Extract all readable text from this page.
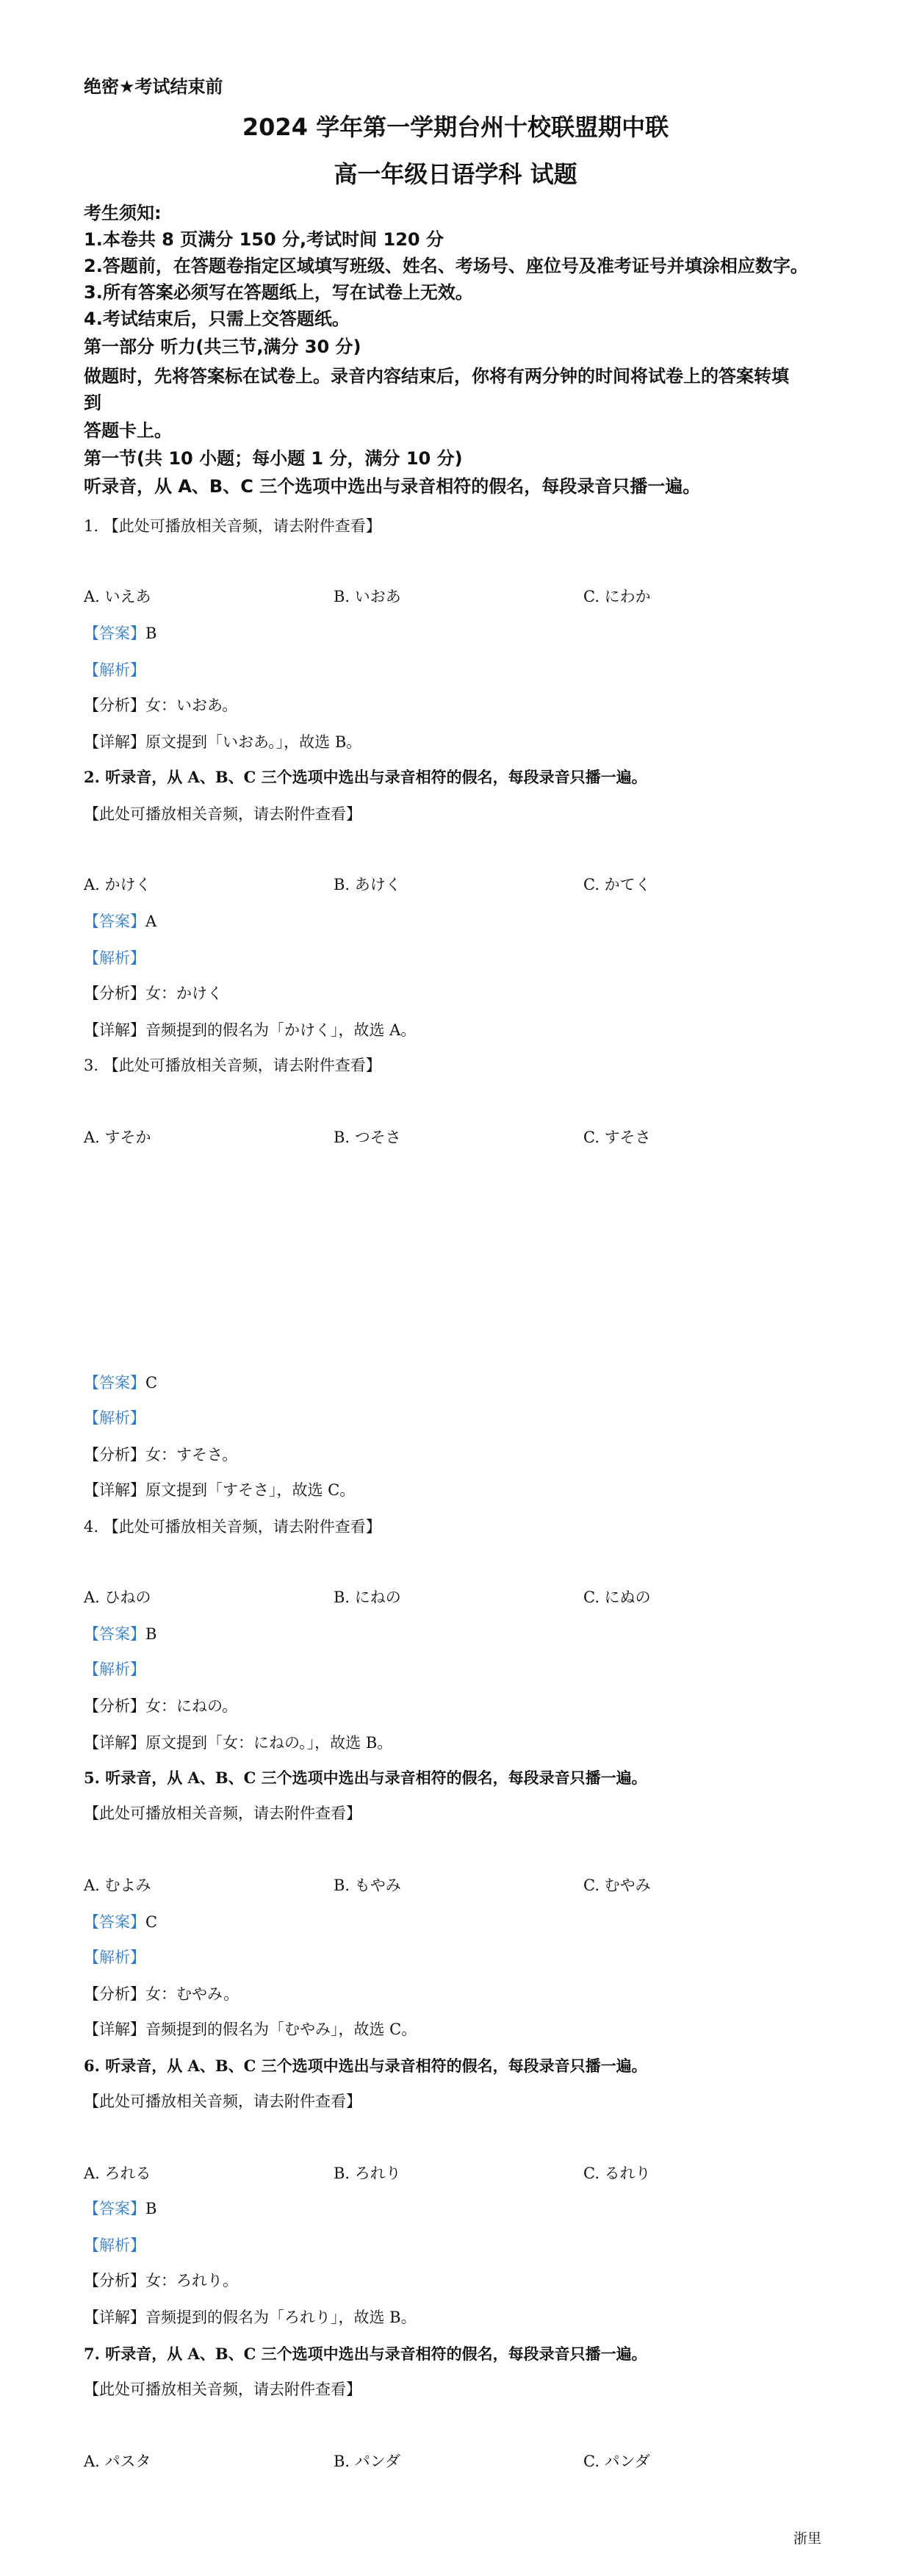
绝密★考试结束前
2024 学年第一学期台州十校联盟期中联
高一年级日语学科 试题
考生须知:
1.本卷共 8 页满分 150 分,考试时间 120 分
2.答题前，在答题卷指定区域填写班级、姓名、考场号、座位号及准考证号并填涂相应数字。
3.所有答案必须写在答题纸上，写在试卷上无效。
4.考试结束后，只需上交答题纸。
第一部分 听力(共三节,满分 30 分)
做题时，先将答案标在试卷上。录音内容结束后，你将有两分钟的时间将试卷上的答案转填
到
答题卡上。
第一节(共 10 小题；每小题 1 分，满分 10 分)
听录音，从 A、B、C 三个选项中选出与录音相符的假名，每段录音只播一遍。
1. 【此处可播放相关音频，请去附件查看】
A. いえあ	B. いおあ	C. にわか
【答案】B
【解析】
【分析】女：いおあ。
【详解】原文提到「いおあ。」，故选 B。
2. 听录音，从 A、B、C 三个选项中选出与录音相符的假名，每段录音只播一遍。
【此处可播放相关音频，请去附件查看】
A. かけく	B. あけく	C. かてく
【答案】A
【解析】
【分析】女：かけく
【详解】音频提到的假名为「かけく」，故选 A。
3. 【此处可播放相关音频，请去附件查看】
A. すそか	B. つそさ	C. すそさ
【答案】C
【解析】
【分析】女：すそさ。
【详解】原文提到「すそさ」，故选 C。
4. 【此处可播放相关音频，请去附件查看】
A. ひねの	B. にねの	C. にぬの
【答案】B
【解析】
【分析】女：にねの。
【详解】原文提到「女：にねの。」，故选 B。
5. 听录音，从 A、B、C 三个选项中选出与录音相符的假名，每段录音只播一遍。
【此处可播放相关音频，请去附件查看】
A. むよみ	B. もやみ	C. むやみ
【答案】C
【解析】
【分析】女：むやみ。
【详解】音频提到的假名为「むやみ」，故选 C。
6. 听录音，从 A、B、C 三个选项中选出与录音相符的假名，每段录音只播一遍。
【此处可播放相关音频，请去附件查看】
A. ろれる	B. ろれり	C. るれり
【答案】B
【解析】
【分析】女：ろれり。
【详解】音频提到的假名为「ろれり」，故选 B。
7. 听录音，从 A、B、C 三个选项中选出与录音相符的假名，每段录音只播一遍。
【此处可播放相关音频，请去附件查看】
A. パスタ	B. パンダ	C. パンダ
浙里
